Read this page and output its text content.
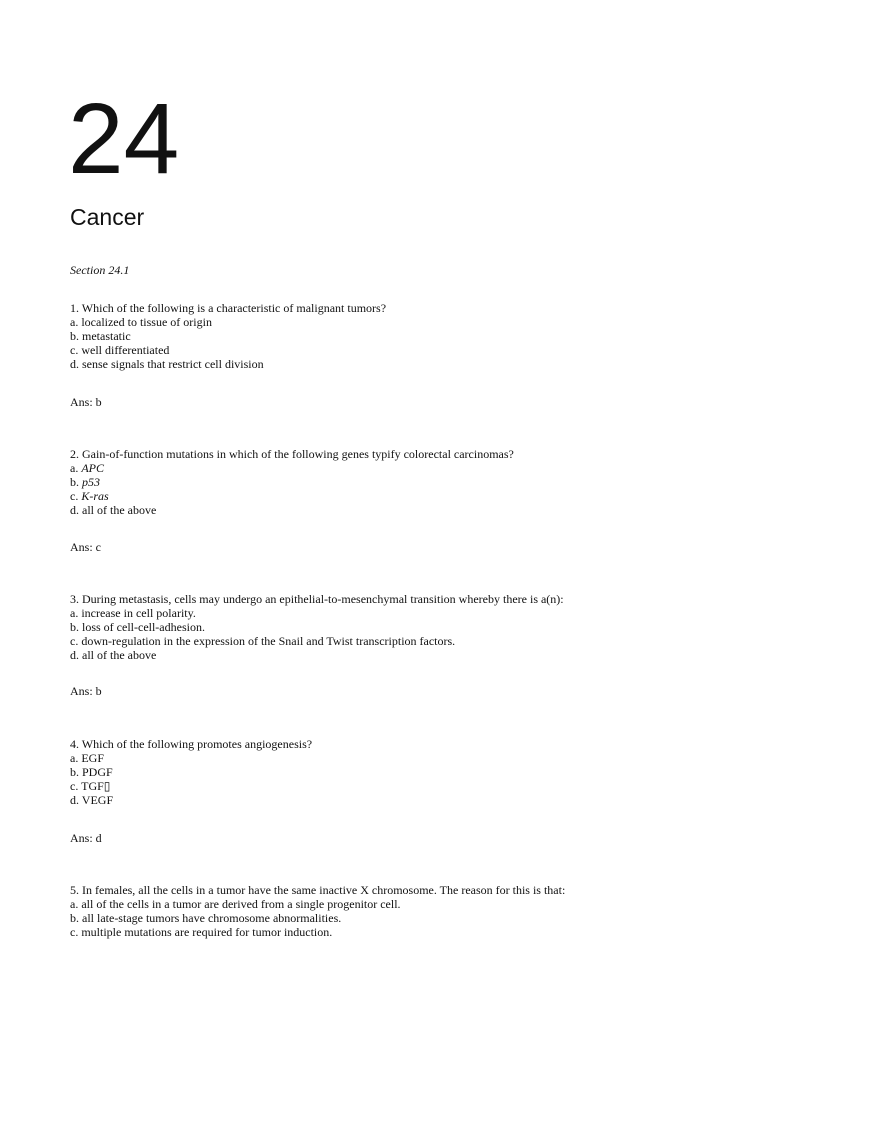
24
Cancer
Section 24.1
1. Which of the following is a characteristic of malignant tumors?
a. localized to tissue of origin
b. metastatic
c. well differentiated
d. sense signals that restrict cell division
Ans: b
2. Gain-of-function mutations in which of the following genes typify colorectal carcinomas?
a. APC
b. p53
c. K-ras
d. all of the above
Ans: c
3. During metastasis, cells may undergo an epithelial-to-mesenchymal transition whereby there is a(n):
a. increase in cell polarity.
b. loss of cell-cell-adhesion.
c. down-regulation in the expression of the Snail and Twist transcription factors.
d. all of the above
Ans: b
4. Which of the following promotes angiogenesis?
a. EGF
b. PDGF
c. TGF▯
d. VEGF
Ans: d
5. In females, all the cells in a tumor have the same inactive X chromosome. The reason for this is that:
a. all of the cells in a tumor are derived from a single progenitor cell.
b. all late-stage tumors have chromosome abnormalities.
c. multiple mutations are required for tumor induction.
